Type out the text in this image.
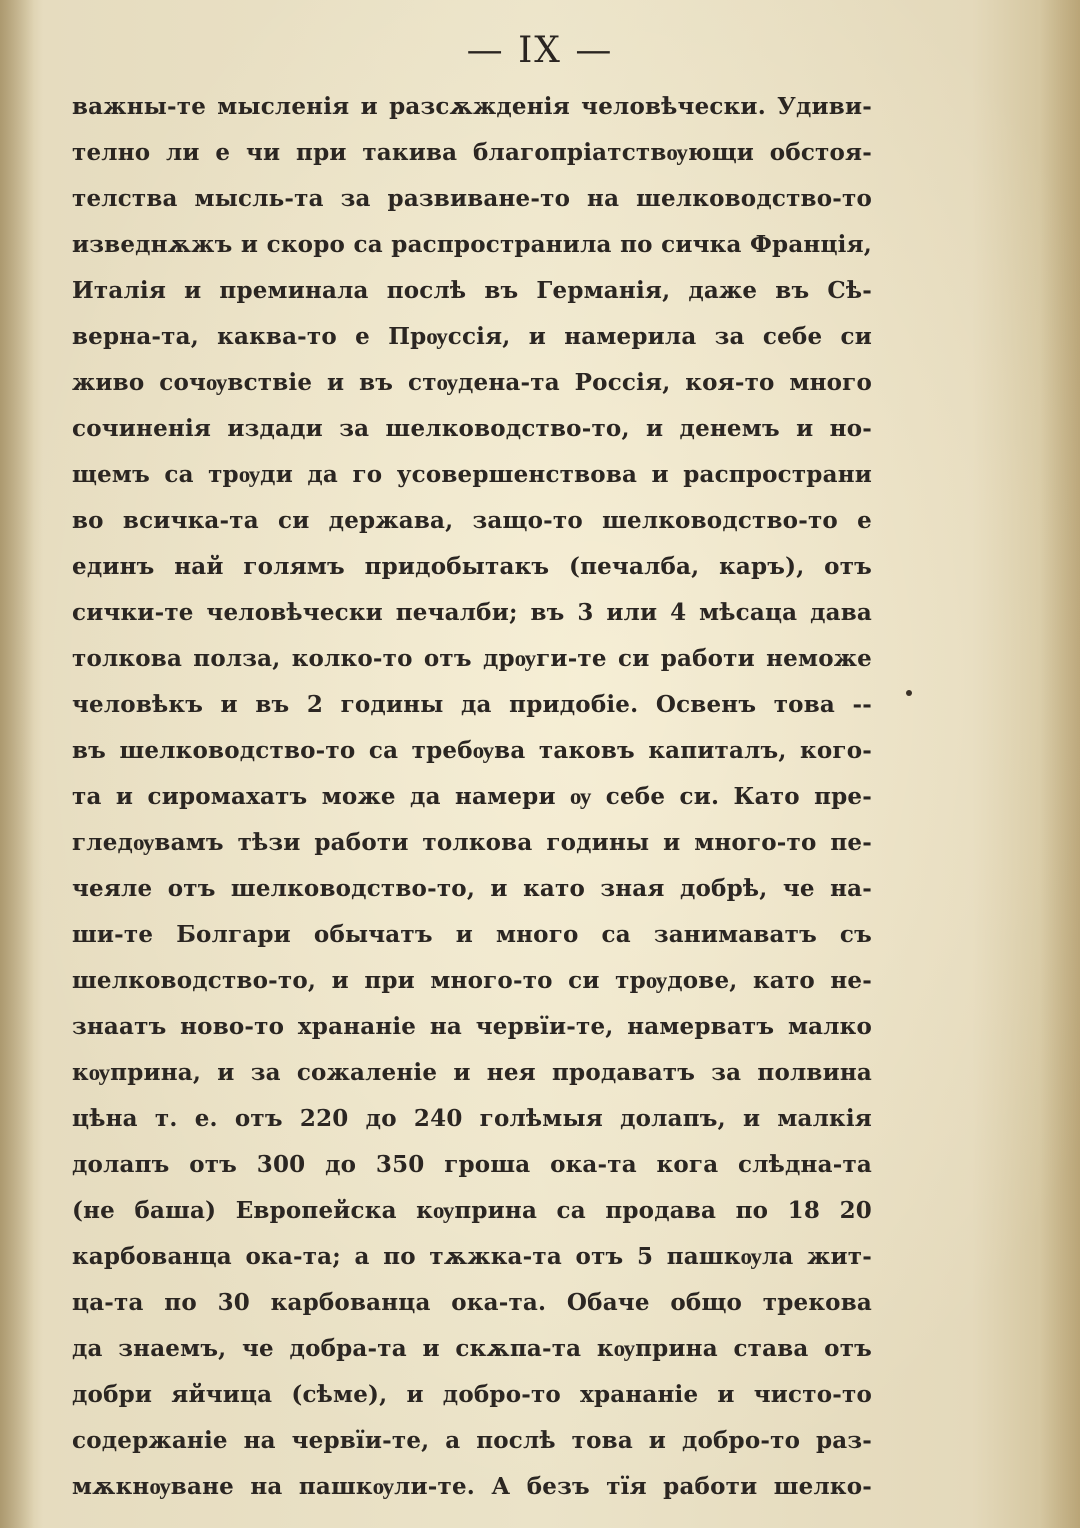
— IX —
важны-те мысленія и разсѫжденія человѣчески. Удиви-
телно ли е чи при такива благопріатствѹющи обстоя-
телства мысль-та за развиване-то на шелководство-то
изведнѫжъ и скоро са распространила по сичка Франція,
Италія и преминала послѣ въ Германія, даже въ Сѣ-
верна-та, каква-то е Прѹссія, и намерила за себе си
живо сочѹвствіе и въ стѹдена-та Россія, коя-то много
сочиненія издади за шелководство-то, и денемъ и но-
щемъ са трѹди да го усовершенствова и распространи
во всичка-та си держава, защо-то шелководство-то е
единъ най голямъ придобытакъ (печалба, каръ), отъ
сички-те человѣчески печалби; въ 3 или 4 мѣсаца дава
толкова полза, колко-то отъ дрѹги-те си работи неможе
человѣкъ и въ 2 годины да придобіе. Освенъ това --
въ шелководство-то са требѹва таковъ капиталъ, кого-
та и сиромахатъ може да намери ѹ себе си. Като пре-
гледѹвамъ тѣзи работи толкова годины и много-то пе-
чеяле отъ шелководство-то, и като зная добрѣ, че на-
ши-те Болгари обычатъ и много са занимаватъ съ
шелководство-то, и при много-то си трѹдове, като не-
знаатъ ново-то хрананіе на червїи-те, намерватъ малко
кѹприна, и за сожаленіе и нея продаватъ за полвина
цѣна т. е. отъ 220 до 240 голѣмыя долапъ, и малкія
долапъ отъ 300 до 350 гроша ока-та кога слѣдна-та
(не баша) Европейска кѹприна са продава по 18 20
карбованца ока-та; а по тѫжка-та отъ 5 пашкѹла жит-
ца-та по 30 карбованца ока-та. Обаче общо трекова
да знаемъ, че добра-та и скѫпа-та кѹприна става отъ
добри яйчица (сѣме), и добро-то хрананіе и чисто-то
содержаніе на червїи-те, а послѣ това и добро-то раз-
мѫкнѹване на пашкѹли-те. А безъ тїя работи шелко-
